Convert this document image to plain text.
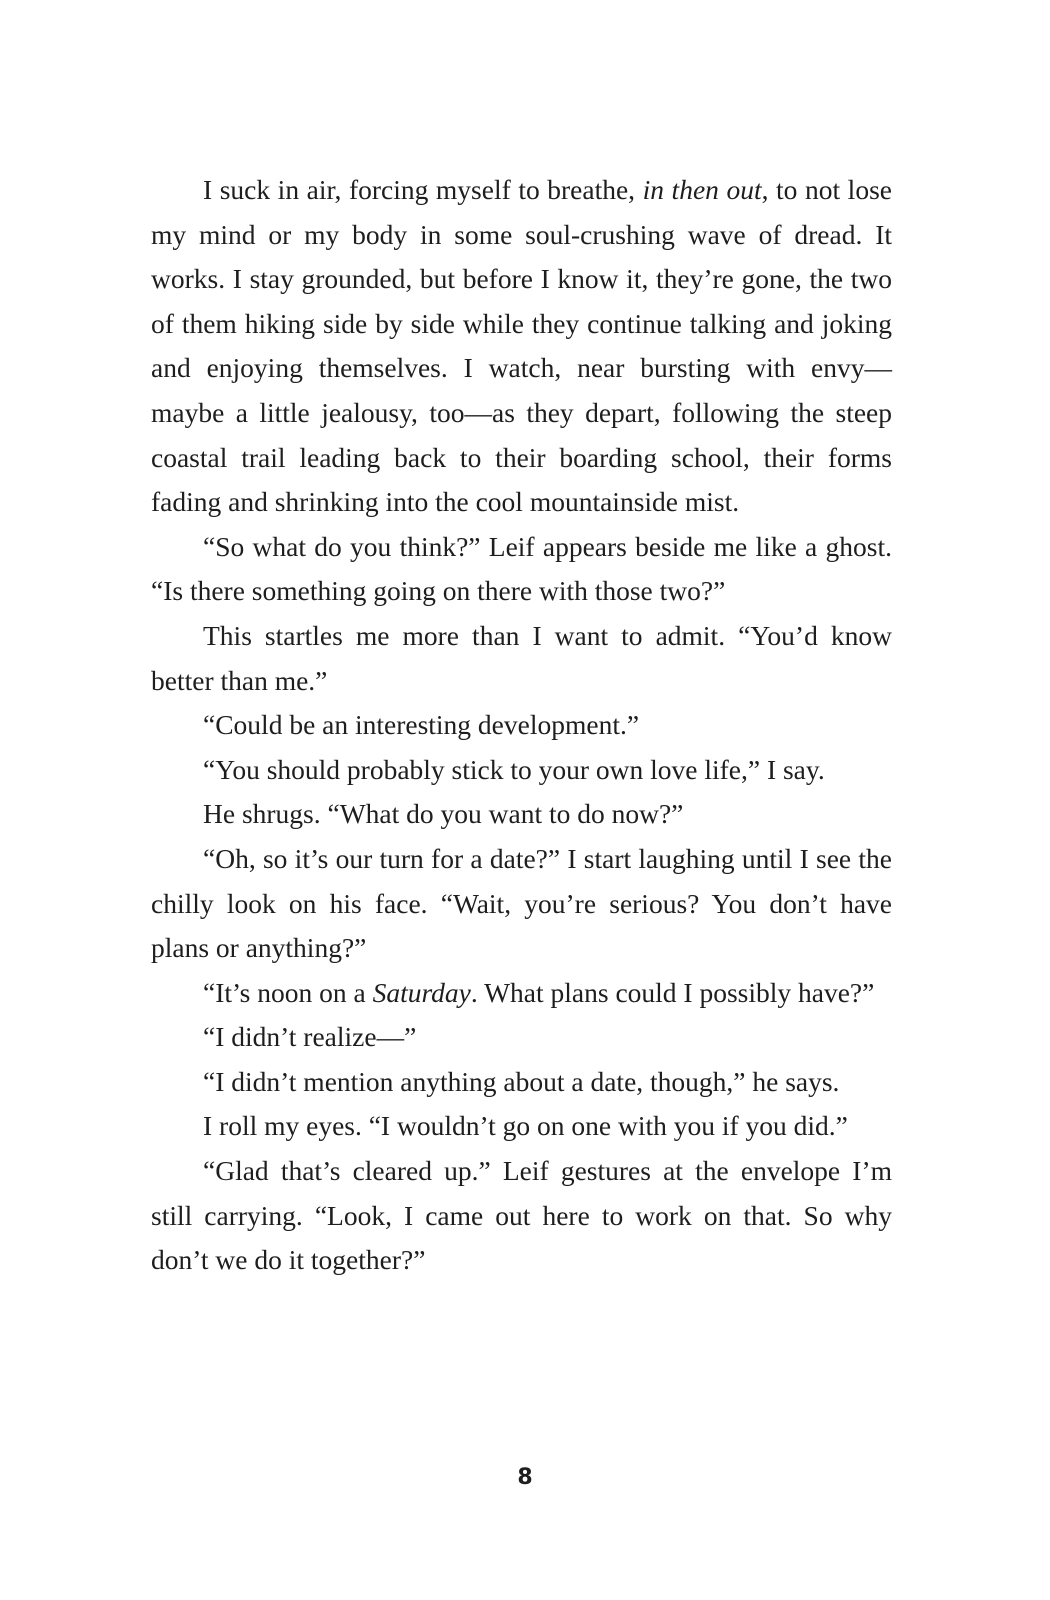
I suck in air, forcing myself to breathe, in then out, to not lose my mind or my body in some soul-crushing wave of dread. It works. I stay grounded, but before I know it, they’re gone, the two of them hiking side by side while they continue talking and joking and enjoying themselves. I watch, near bursting with envy—maybe a little jealousy, too—as they depart, following the steep coastal trail leading back to their boarding school, their forms fading and shrinking into the cool mountainside mist.

“So what do you think?” Leif appears beside me like a ghost. “Is there something going on there with those two?”

This startles me more than I want to admit. “You’d know better than me.”

“Could be an interesting development.”

“You should probably stick to your own love life,” I say.

He shrugs. “What do you want to do now?”

“Oh, so it’s our turn for a date?” I start laughing until I see the chilly look on his face. “Wait, you’re serious? You don’t have plans or anything?”

“It’s noon on a Saturday. What plans could I possibly have?”

“I didn’t realize—”

“I didn’t mention anything about a date, though,” he says.

I roll my eyes. “I wouldn’t go on one with you if you did.”

“Glad that’s cleared up.” Leif gestures at the envelope I’m still carrying. “Look, I came out here to work on that. So why don’t we do it together?”

8
